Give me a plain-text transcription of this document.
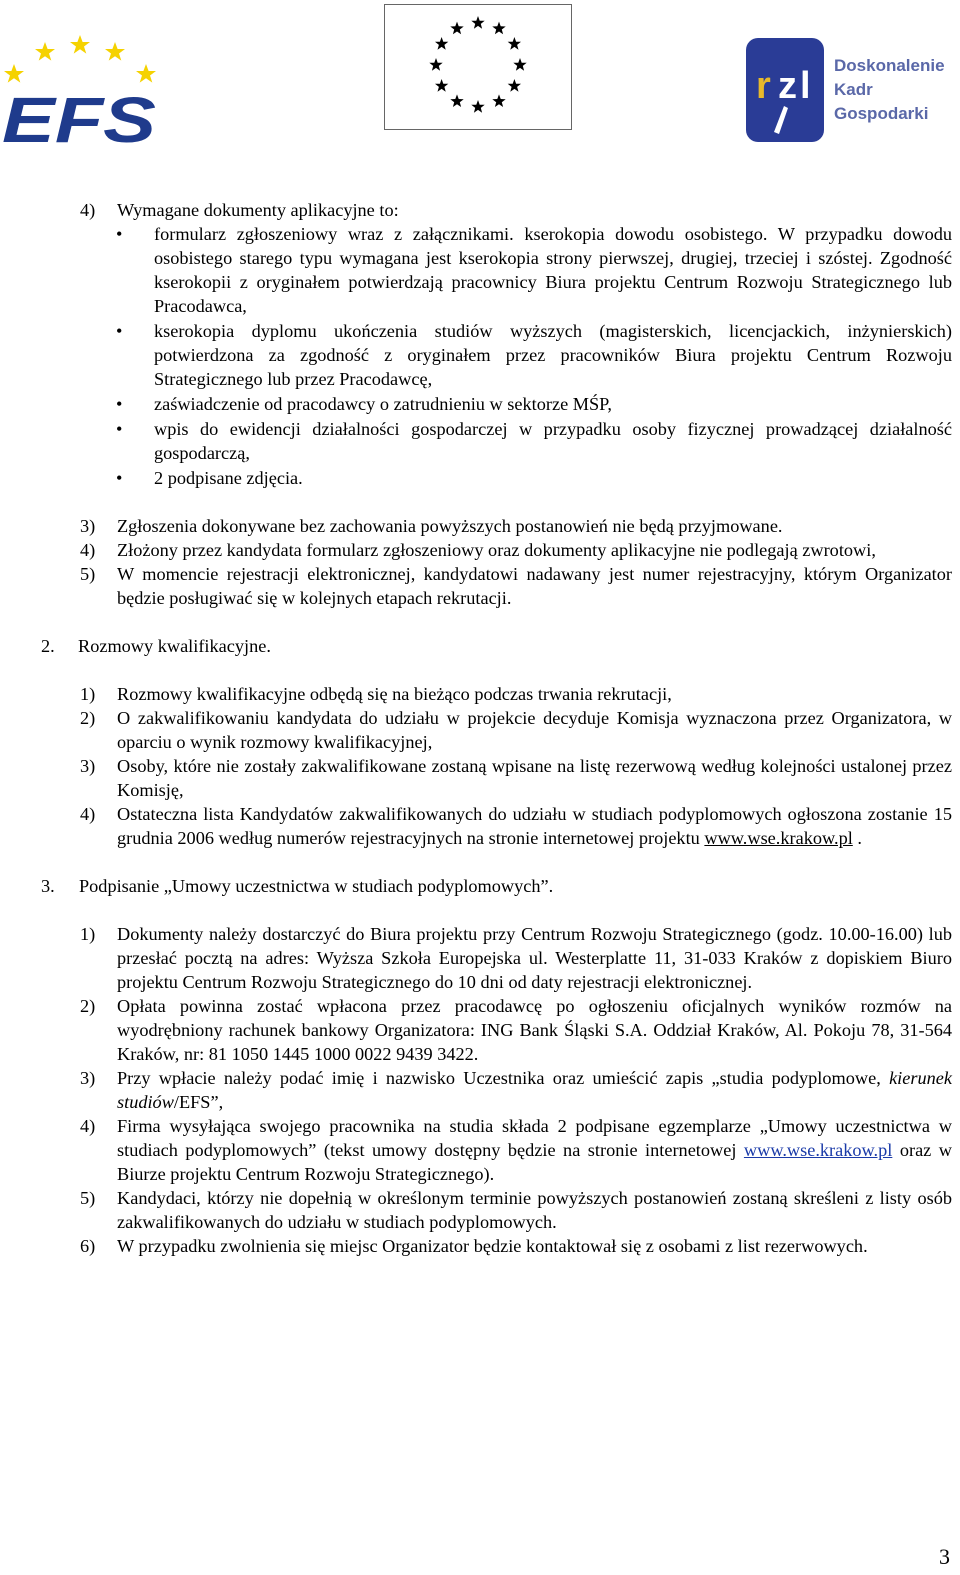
EFS	r z l Doskonalenie
Kadr
Gospodarki
4) Wymagane dokumenty aplikacyjne to:
• formularz zgłoszeniowy wraz z załącznikami. kserokopia dowodu osobistego. W przypadku dowodu osobistego starego typu wymagana jest kserokopia strony pierwszej, drugiej, trzeciej i szóstej. Zgodność kserokopii z oryginałem potwierdzają pracownicy Biura projektu Centrum Rozwoju Strategicznego lub Pracodawca,
• kserokopia dyplomu ukończenia studiów wyższych (magisterskich, licencjackich, inżynierskich) potwierdzona za zgodność z oryginałem przez pracowników Biura projektu Centrum Rozwoju Strategicznego lub przez Pracodawcę,
• zaświadczenie od pracodawcy o zatrudnieniu w sektorze MŚP,
• wpis do ewidencji działalności gospodarczej w przypadku osoby fizycznej prowadzącej działalność gospodarczą,
• 2 podpisane zdjęcia.
3) Zgłoszenia dokonywane bez zachowania powyższych postanowień nie będą przyjmowane.
4) Złożony przez kandydata formularz zgłoszeniowy oraz dokumenty aplikacyjne nie podlegają zwrotowi,
5) W momencie rejestracji elektronicznej, kandydatowi nadawany jest numer rejestracyjny, którym Organizator będzie posługiwać się w kolejnych etapach rekrutacji.
2. Rozmowy kwalifikacyjne.
1) Rozmowy kwalifikacyjne odbędą się na bieżąco podczas trwania rekrutacji,
2) O zakwalifikowaniu kandydata do udziału w projekcie decyduje Komisja wyznaczona przez Organizatora, w oparciu o wynik rozmowy kwalifikacyjnej,
3) Osoby, które nie zostały zakwalifikowane zostaną wpisane na listę rezerwową według kolejności ustalonej przez Komisję,
4) Ostateczna lista Kandydatów zakwalifikowanych do udziału w studiach podyplomowych ogłoszona zostanie 15 grudnia 2006 według numerów rejestracyjnych na stronie internetowej projektu www.wse.krakow.pl .
3. Podpisanie „Umowy uczestnictwa w studiach podyplomowych”.
1) Dokumenty należy dostarczyć do Biura projektu przy Centrum Rozwoju Strategicznego (godz. 10.00-16.00) lub przesłać pocztą na adres: Wyższa Szkoła Europejska ul. Westerplatte 11, 31-033 Kraków z dopiskiem Biuro projektu Centrum Rozwoju Strategicznego do 10 dni od daty rejestracji elektronicznej.
2) Opłata powinna zostać wpłacona przez pracodawcę po ogłoszeniu oficjalnych wyników rozmów na wyodrębniony rachunek bankowy Organizatora: ING Bank Śląski S.A. Oddział Kraków, Al. Pokoju 78, 31-564 Kraków, nr: 81 1050 1445 1000 0022 9439 3422.
3) Przy wpłacie należy podać imię i nazwisko Uczestnika oraz umieścić zapis „studia podyplomowe, kierunek studiów/EFS”,
4) Firma wysyłająca swojego pracownika na studia składa 2 podpisane egzemplarze „Umowy uczestnictwa w studiach podyplomowych” (tekst umowy dostępny będzie na stronie internetowej www.wse.krakow.pl oraz w Biurze projektu Centrum Rozwoju Strategicznego).
5) Kandydaci, którzy nie dopełnią w określonym terminie powyższych postanowień zostaną skreśleni z listy osób zakwalifikowanych do udziału w studiach podyplomowych.
6) W przypadku zwolnienia się miejsc Organizator będzie kontaktował się z osobami z list rezerwowych.
3
